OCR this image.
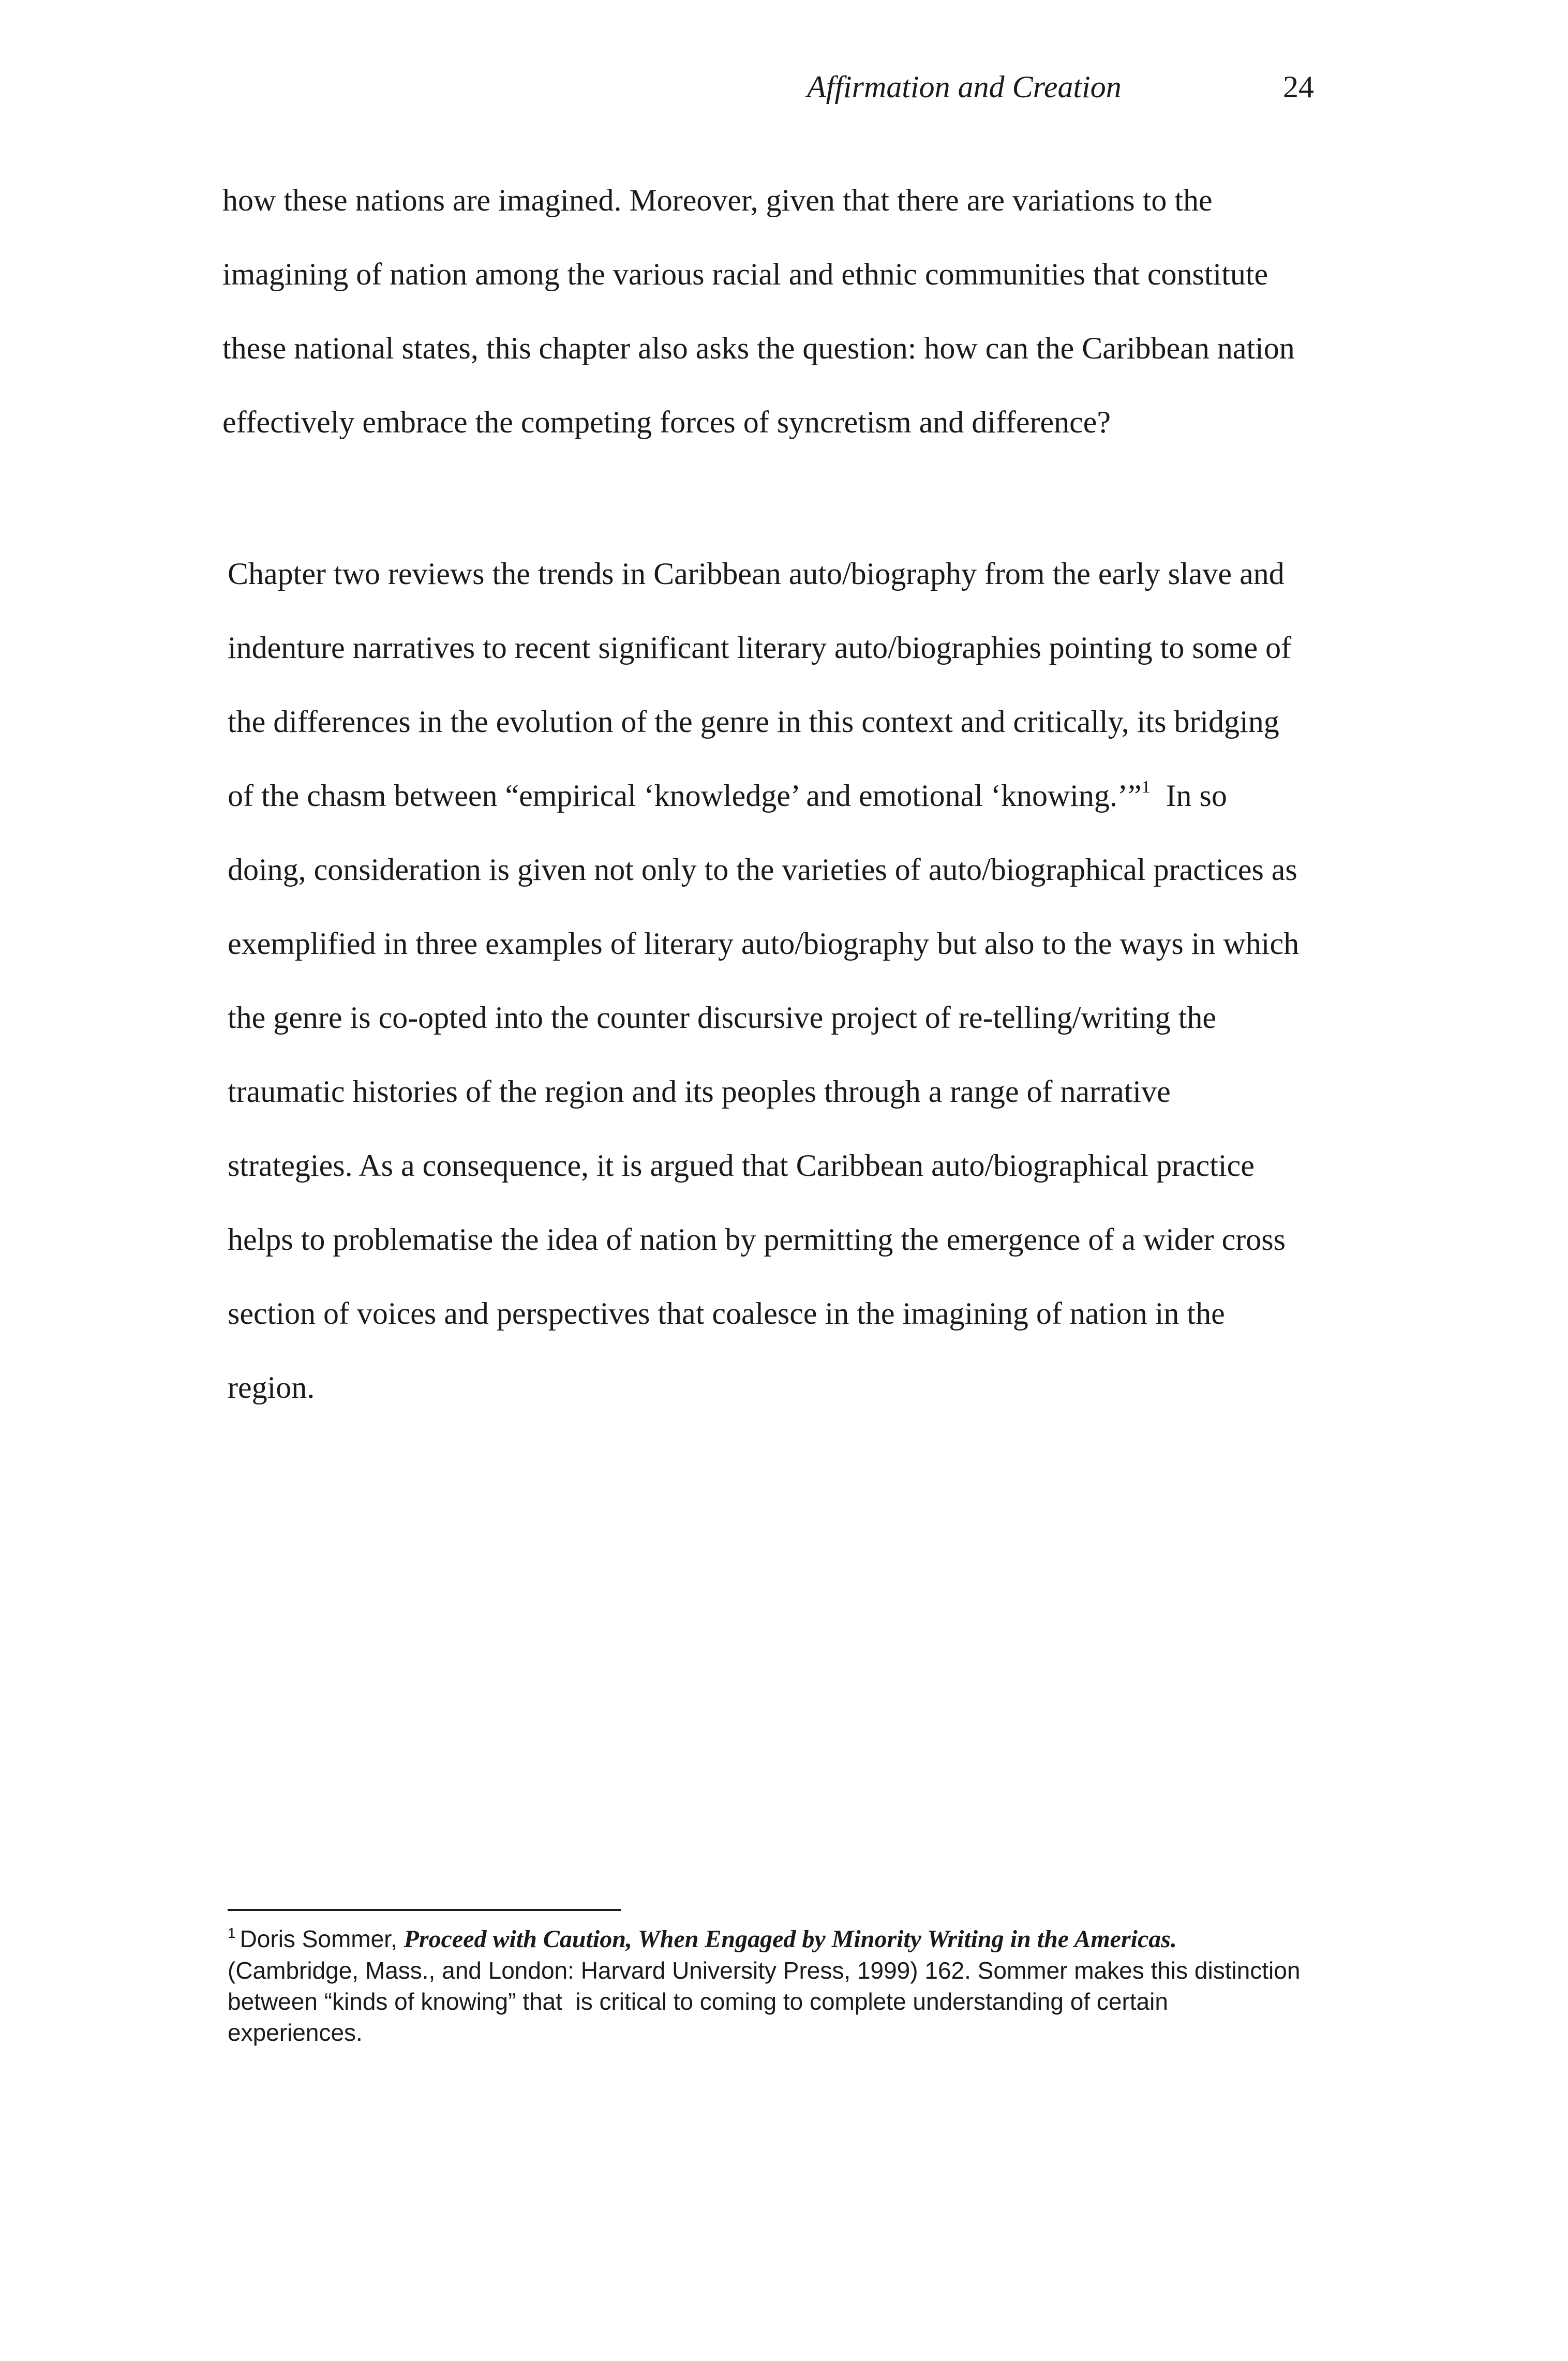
Affirmation and Creation	24

how these nations are imagined. Moreover, given that there are variations to the
imagining of nation among the various racial and ethnic communities that constitute
these national states, this chapter also asks the question: how can the Caribbean nation
effectively embrace the competing forces of syncretism and difference?

Chapter two reviews the trends in Caribbean auto/biography from the early slave and
indenture narratives to recent significant literary auto/biographies pointing to some of
the differences in the evolution of the genre in this context and critically, its bridging
of the chasm between “empirical ‘knowledge’ and emotional ‘knowing.’”$^1$  In so
doing, consideration is given not only to the varieties of auto/biographical practices as
exemplified in three examples of literary auto/biography but also to the ways in which
the genre is co-opted into the counter discursive project of re-telling/writing the
traumatic histories of the region and its peoples through a range of narrative
strategies. As a consequence, it is argued that Caribbean auto/biographical practice
helps to problematise the idea of nation by permitting the emergence of a wider cross
section of voices and perspectives that coalesce in the imagining of nation in the
region.

$^1$ Doris Sommer, Proceed with Caution, When Engaged by Minority Writing in the Americas.
(Cambridge, Mass., and London: Harvard University Press, 1999) 162. Sommer makes this distinction
between “kinds of knowing” that  is critical to coming to complete understanding of certain
experiences.
